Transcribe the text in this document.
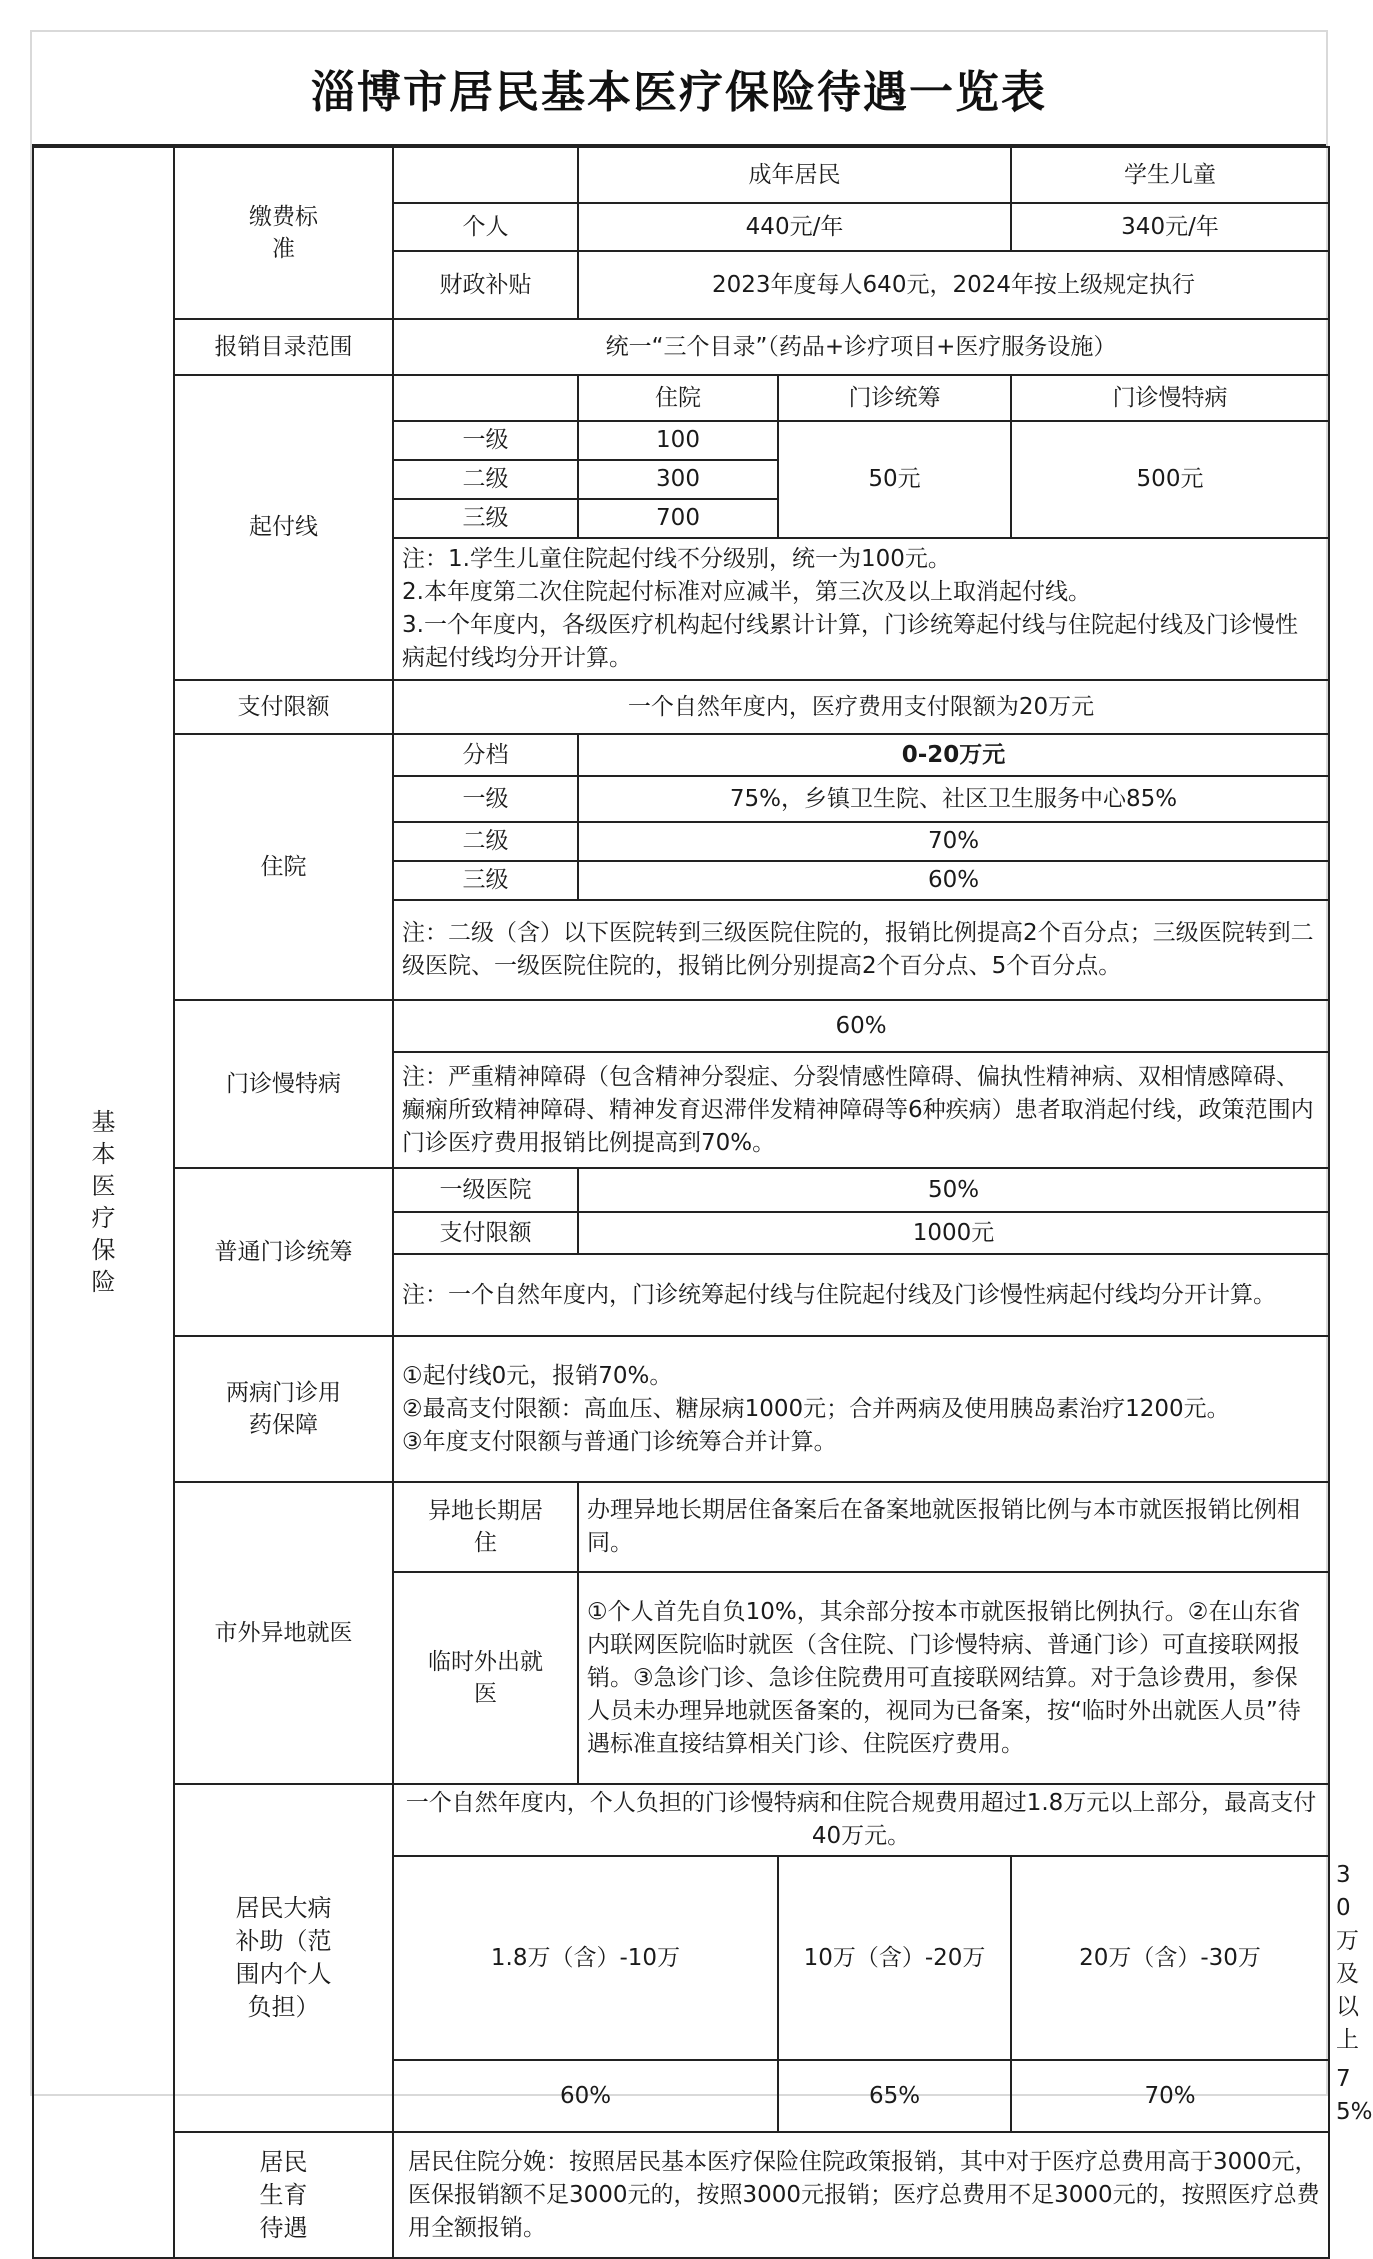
淄博市居民基本医疗保险待遇一览表
基本医疗保险	缴费标准		成年居民		学生儿童	
		个人	440元/年		340元/年	
		财政补贴	2023年度每人640元，2024年按上级规定执行			
	报销目录范围	统一“三个目录”（药品+诊疗项目+医疗服务设施）				
	起付线		住院	门诊统筹	门诊慢特病	
		一级	100	50元	500元	
		二级	300			
		三级	700			

		注：1.学生儿童住院起付线不分级别，统一为100元。
2.本年度第二次住院起付标准对应减半，第三次及以上取消起付线。
3.一个年度内，各级医疗机构起付线累计计算，门诊统筹起付线与住院起付线及门诊慢性病起付线均分开计算。				

	支付限额	一个自然年度内，医疗费用支付限额为20万元				
	住院	分档	0-20万元			
		一级	75%，乡镇卫生院、社区卫生服务中心85%			
		二级	70%			
		三级	60%			
		注：二级（含）以下医院转到三级医院住院的，报销比例提高2个百分点；三级医院转到二级医院、一级医院住院的，报销比例分别提高2个百分点、5个百分点。				
	门诊慢特病	60%				
		注：严重精神障碍（包含精神分裂症、分裂情感性障碍、偏执性精神病、双相情感障碍、癫痫所致精神障碍、精神发育迟滞伴发精神障碍等6种疾病）患者取消起付线，政策范围内门诊医疗费用报销比例提高到70%。				
	普通门诊统筹	一级医院	50%			
		支付限额	1000元			
		注：一个自然年度内，门诊统筹起付线与住院起付线及门诊慢性病起付线均分开计算。				

	两病门诊用药保障	①起付线0元，报销70%。
②最高支付限额：高血压、糖尿病1000元；合并两病及使用胰岛素治疗1200元。
③年度支付限额与普通门诊统筹合并计算。				

	市外异地就医	异地长期居住	办理异地长期居住备案后在备案地就医报销比例与本市就医报销比例相同。			

		临时外出就医	①个人首先自负10%，其余部分按本市就医报销比例执行。②在山东省内联网医院临时就医（含住院、门诊慢特病、普通门诊）可直接联网报销。③急诊门诊、急诊住院费用可直接联网结算。对于急诊费用，参保人员未办理异地就医备案的，视同为已备案，按“临时外出就医人员”待遇标准直接结算相关门诊、住院医疗费用。			

	居民大病补助（范围内个人负担）	一个自然年度内，个人负担的门诊慢特病和住院合规费用超过1.8万元以上部分，最高支付40万元。				
		1.8万（含）-10万		10万（含）-20万	20万（含）-30万	30万及以上
		60%		65%	70%	75%

	居民生育待遇	居民住院分娩：按照居民基本医疗保险住院政策报销，其中对于医疗总费用高于3000元，医保报销额不足3000元的，按照3000元报销；医疗总费用不足3000元的，按照医疗总费用全额报销。				
